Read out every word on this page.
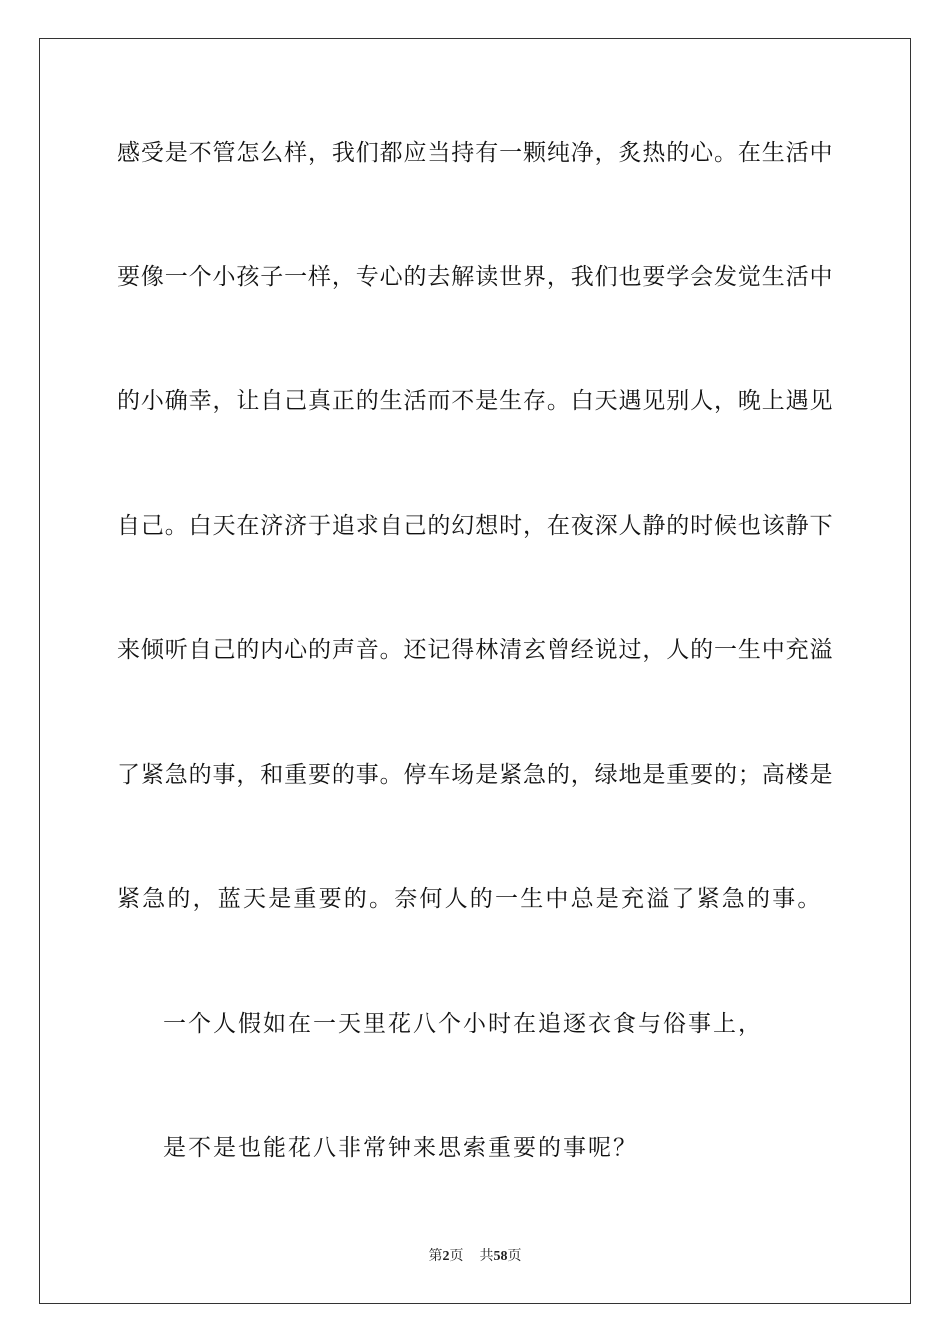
感受是不管怎么样，我们都应当持有一颗纯净，炙热的心。在生活中
要像一个小孩子一样，专心的去解读世界，我们也要学会发觉生活中
的小确幸，让自己真正的生活而不是生存。白天遇见别人，晚上遇见
自己。白天在济济于追求自己的幻想时，在夜深人静的时候也该静下
来倾听自己的内心的声音。还记得林清玄曾经说过，人的一生中充溢
了紧急的事，和重要的事。停车场是紧急的，绿地是重要的；高楼是
紧急的，蓝天是重要的。奈何人的一生中总是充溢了紧急的事。
一个人假如在一天里花八个小时在追逐衣食与俗事上，
是不是也能花八非常钟来思索重要的事呢？
第2页 共58页
